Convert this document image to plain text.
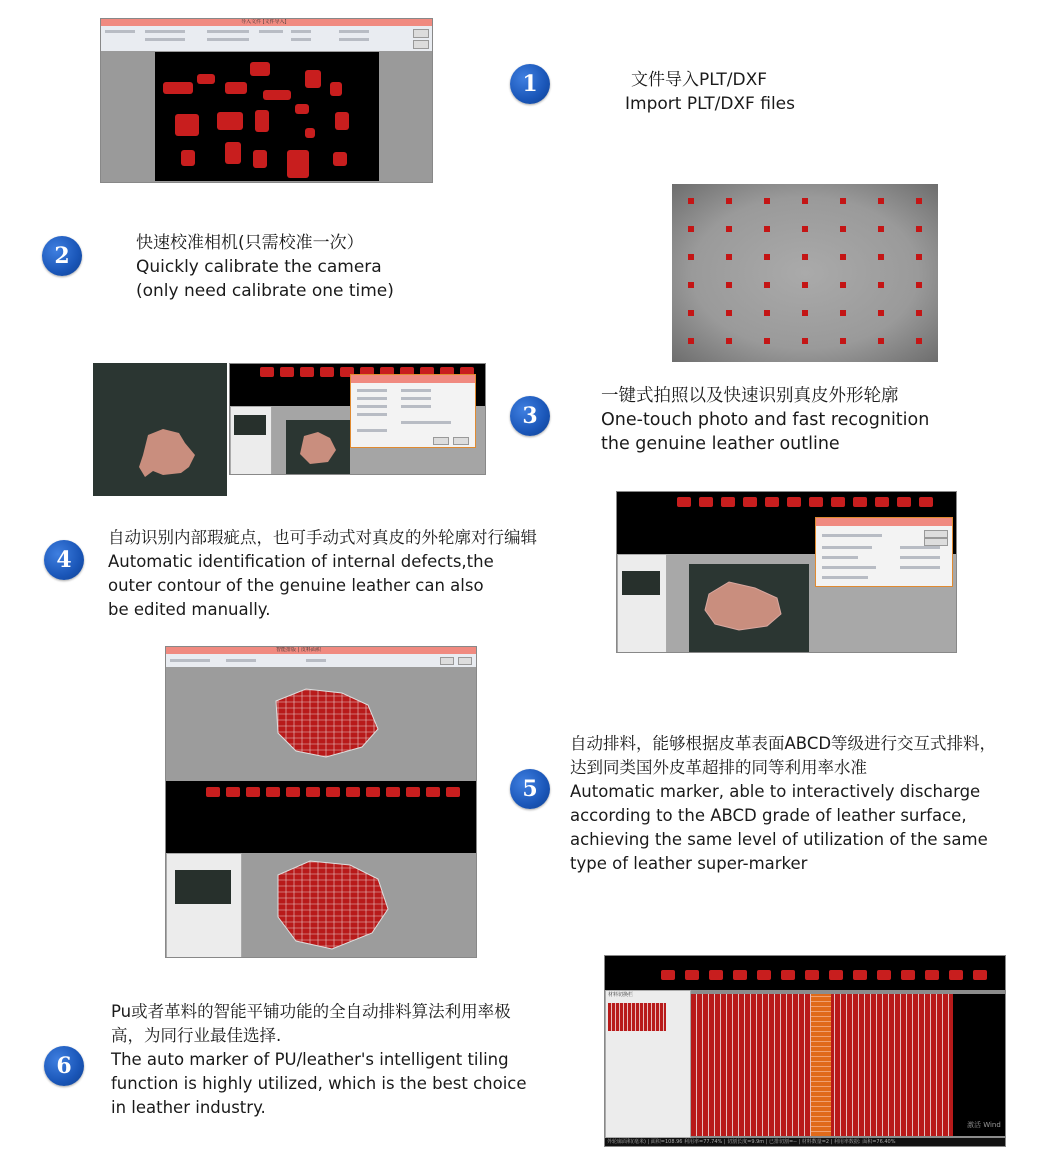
导入文件 [文件导入]
1	文件导入PLT/DXF
Import PLT/DXF files
2	快速校准相机(只需校准一次）
Quickly calibrate the camera
(only need calibrate one time)
3
一键式拍照以及快速识别真皮外形轮廓
One-touch photo and fast recognition
the genuine leather outline
4
自动识别内部瑕疵点，也可手动式对真皮的外轮廓对行编辑
Automatic identification of internal defects,the
outer contour of the genuine leather can also
be edited manually.
智能排版 | 皮料面积
5
自动排料，能够根据皮革表面ABCD等级进行交互式排料，
达到同类国外皮革超排的同等利用率水准
Automatic marker, able to interactively discharge
according to the ABCD grade of leather surface,
achieving the same level of utilization of the same
type of leather super-marker
6
Pu或者革料的智能平铺功能的全自动排料算法利用率极
高，为同行业最佳选择.
The auto marker of PU/leather's intelligent tiling
function is highly utilized, which is the best choice
in leather industry.
材料切换栏
激活 Wind
外轮廓面积(毫米) | 面积=108.96 利用率=77.74% | 切割长度=9.9m | 已排切割=-- | 材料数量=2 | 利用率数据: 面积=76.40%
